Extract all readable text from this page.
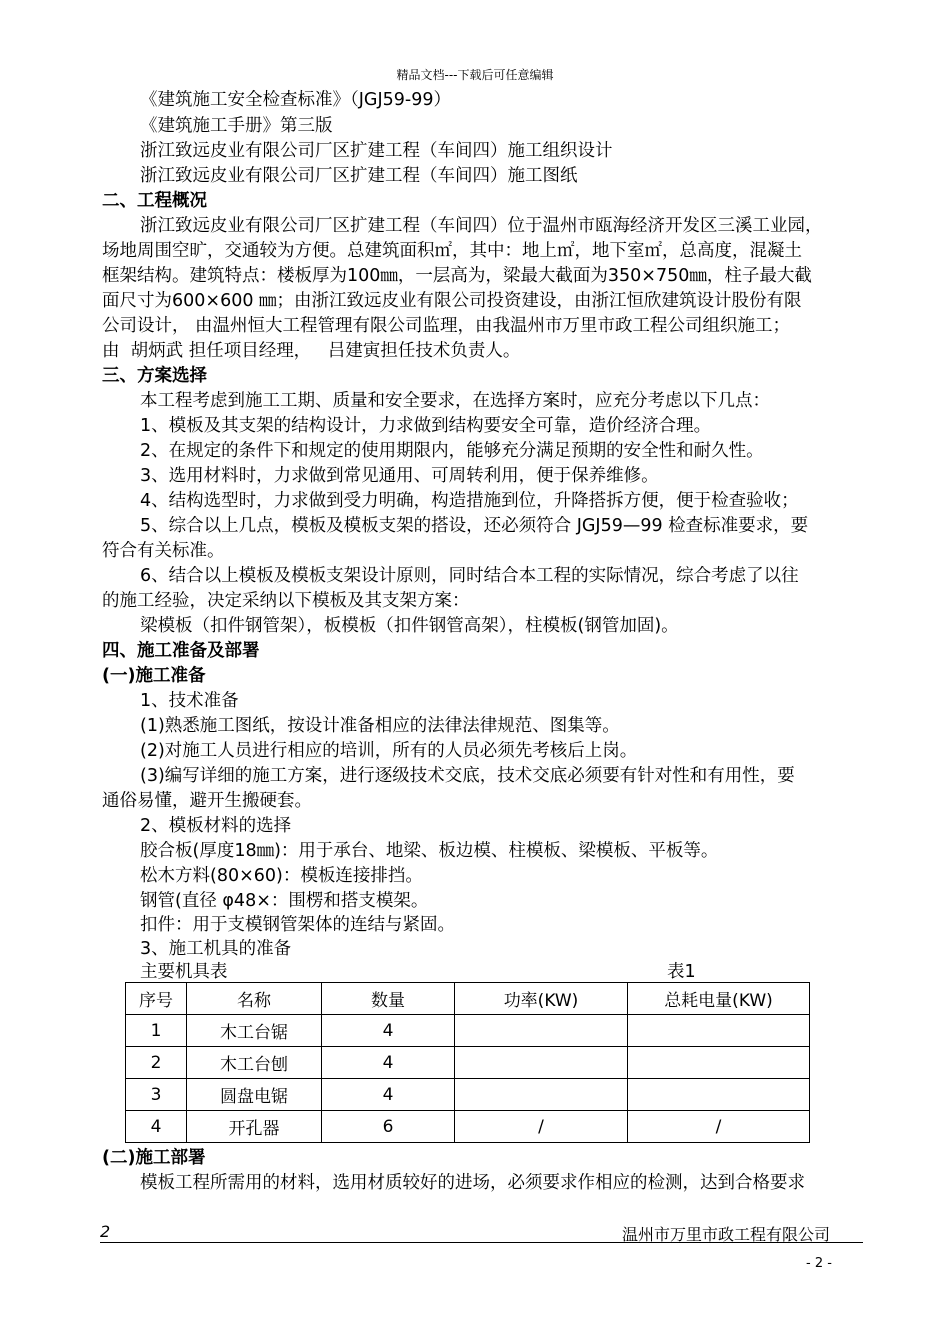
精品文档---下载后可任意编辑
《建筑施工安全检查标准》（JGJ59-99）
《建筑施工手册》第三版
浙江致远皮业有限公司厂区扩建工程（车间四）施工组织设计
浙江致远皮业有限公司厂区扩建工程（车间四）施工图纸
二、工程概况
浙江致远皮业有限公司厂区扩建工程（车间四）位于温州市瓯海经济开发区三溪工业园，
场地周围空旷，交通较为方便。总建筑面积㎡，其中：地上㎡，地下室㎡，总高度，混凝土
框架结构。建筑特点：楼板厚为100㎜，一层高为，梁最大截面为350×750㎜，柱子最大截
面尺寸为600×600 ㎜；由浙江致远皮业有限公司投资建设，由浙江恒欣建筑设计股份有限
公司设计， 由温州恒大工程管理有限公司监理，由我温州市万里市政工程公司组织施工；
由  胡炳武 担任项目经理，   吕建寅担任技术负责人。
三、方案选择
本工程考虑到施工工期、质量和安全要求，在选择方案时，应充分考虑以下几点：
1、模板及其支架的结构设计，力求做到结构要安全可靠，造价经济合理。
2、在规定的条件下和规定的使用期限内，能够充分满足预期的安全性和耐久性。
3、选用材料时，力求做到常见通用、可周转利用，便于保养维修。
4、结构选型时，力求做到受力明确，构造措施到位，升降搭拆方便，便于检查验收；
5、综合以上几点，模板及模板支架的搭设，还必须符合 JGJ59—99 检查标准要求，要
符合有关标准。
6、结合以上模板及模板支架设计原则，同时结合本工程的实际情况，综合考虑了以往
的施工经验，决定采纳以下模板及其支架方案：
梁模板（扣件钢管架），板模板（扣件钢管高架），柱模板(钢管加固)。
四、施工准备及部署
(一)施工准备
1、技术准备
(1)熟悉施工图纸，按设计准备相应的法律法律规范、图集等。
(2)对施工人员进行相应的培训，所有的人员必须先考核后上岗。
(3)编写详细的施工方案，进行逐级技术交底，技术交底必须要有针对性和有用性，要
通俗易懂，避开生搬硬套。
2、模板材料的选择
胶合板(厚度18㎜)：用于承台、地梁、板边模、柱模板、梁模板、平板等。
松木方料(80×60)：模板连接排挡。
钢管(直径 φ48×：围楞和搭支模架。
扣件：用于支模钢管架体的连结与紧固。
3、施工机具的准备
主要机具表	表1
序号	名称	数量	功率(KW)	总耗电量(KW)
1	木工台锯	4		
2	木工台刨	4		
3	圆盘电锯	4		
4	开孔器	6	/	/
(二)施工部署
模板工程所需用的材料，选用材质较好的进场，必须要求作相应的检测，达到合格要求
2	温州市万里市政工程有限公司
- 2 -
